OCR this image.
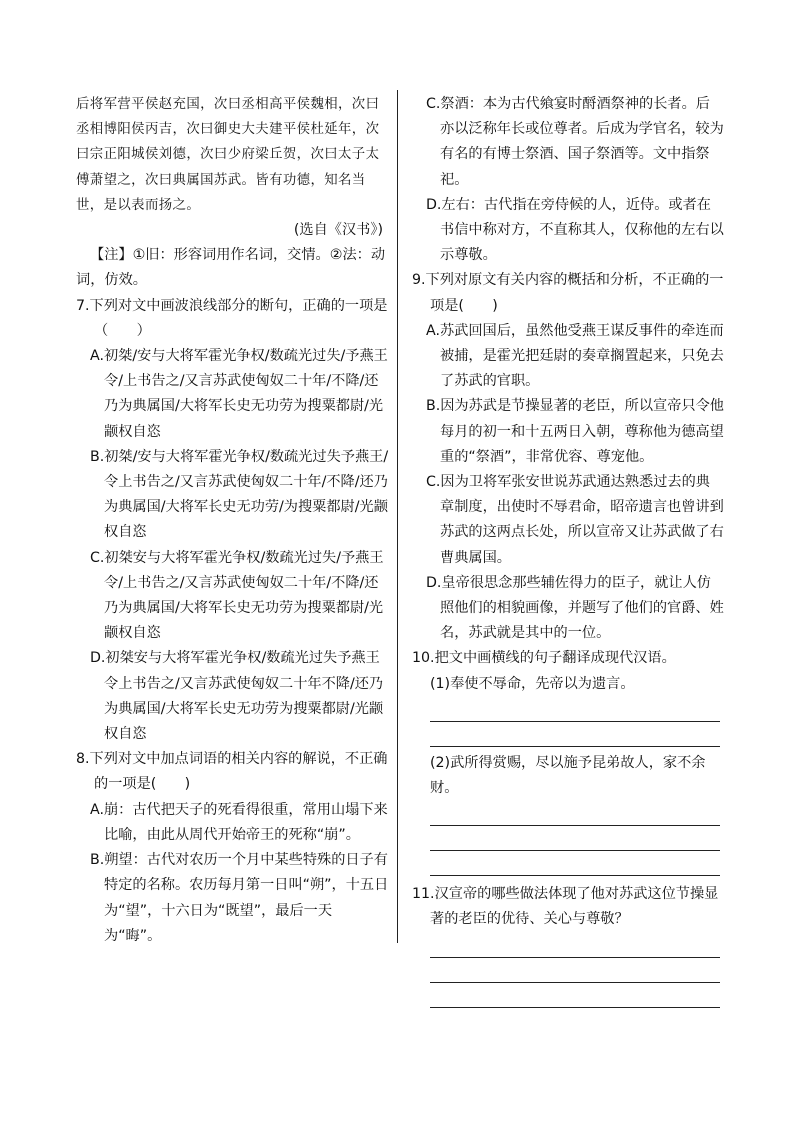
后将军营平侯赵充国，次曰丞相高平侯魏相，次曰丞相博阳侯丙吉，次曰御史大夫建平侯杜延年，次曰宗正阳城侯刘德，次曰少府梁丘贺，次曰太子太傅萧望之，次曰典属国苏武。皆有功德，知名当世，是以表而扬之。

(选自《汉书》)

【注】①旧：形容词用作名词，交情。②法：动词，仿效。

7.下列对文中画波浪线部分的断句，正确的一项是（　　）

A.初桀/安与大将军霍光争权/数疏光过失/予燕王令/上书告之/又言苏武使匈奴二十年/不降/还乃为典属国/大将军长史无功劳为搜粟都尉/光颛权自恣

B.初桀/安与大将军霍光争权/数疏光过失予燕王/令上书告之/又言苏武使匈奴二十年/不降/还乃为典属国/大将军长史无功劳/为搜粟都尉/光颛权自恣

C.初桀安与大将军霍光争权/数疏光过失/予燕王令/上书告之/又言苏武使匈奴二十年/不降/还乃为典属国/大将军长史无功劳为搜粟都尉/光颛权自恣

D.初桀安与大将军霍光争权/数疏光过失予燕王令上书告之/又言苏武使匈奴二十年不降/还乃为典属国/大将军长史无功劳为搜粟都尉/光颛权自恣

8.下列对文中加点词语的相关内容的解说，不正确的一项是(　　)

A.崩：古代把天子的死看得很重，常用山塌下来比喻，由此从周代开始帝王的死称“崩”。

B.朔望：古代对农历一个月中某些特殊的日子有特定的名称。农历每月第一日叫“朔”，十五日为“望”，十六日为“既望”，最后一天为“晦”。

C.祭酒：本为古代飨宴时酹酒祭神的长者。后亦以泛称年长或位尊者。后成为学官名，较为有名的有博士祭酒、国子祭酒等。文中指祭祀。

D.左右：古代指在旁侍候的人，近侍。或者在书信中称对方，不直称其人，仅称他的左右以示尊敬。

9.下列对原文有关内容的概括和分析，不正确的一项是(　　)

A.苏武回国后，虽然他受燕王谋反事件的牵连而被捕，是霍光把廷尉的奏章搁置起来，只免去了苏武的官职。

B.因为苏武是节操显著的老臣，所以宣帝只令他每月的初一和十五两日入朝，尊称他为德高望重的“祭酒”，非常优容、尊宠他。

C.因为卫将军张安世说苏武通达熟悉过去的典章制度，出使时不辱君命，昭帝遗言也曾讲到苏武的这两点长处，所以宣帝又让苏武做了右曹典属国。

D.皇帝很思念那些辅佐得力的臣子，就让人仿照他们的相貌画像，并题写了他们的官爵、姓名，苏武就是其中的一位。

10.把文中画横线的句子翻译成现代汉语。

(1)奉使不辱命，先帝以为遗言。

(2)武所得赏赐，尽以施予昆弟故人，家不余财。

11.汉宣帝的哪些做法体现了他对苏武这位节操显著的老臣的优待、关心与尊敬？
